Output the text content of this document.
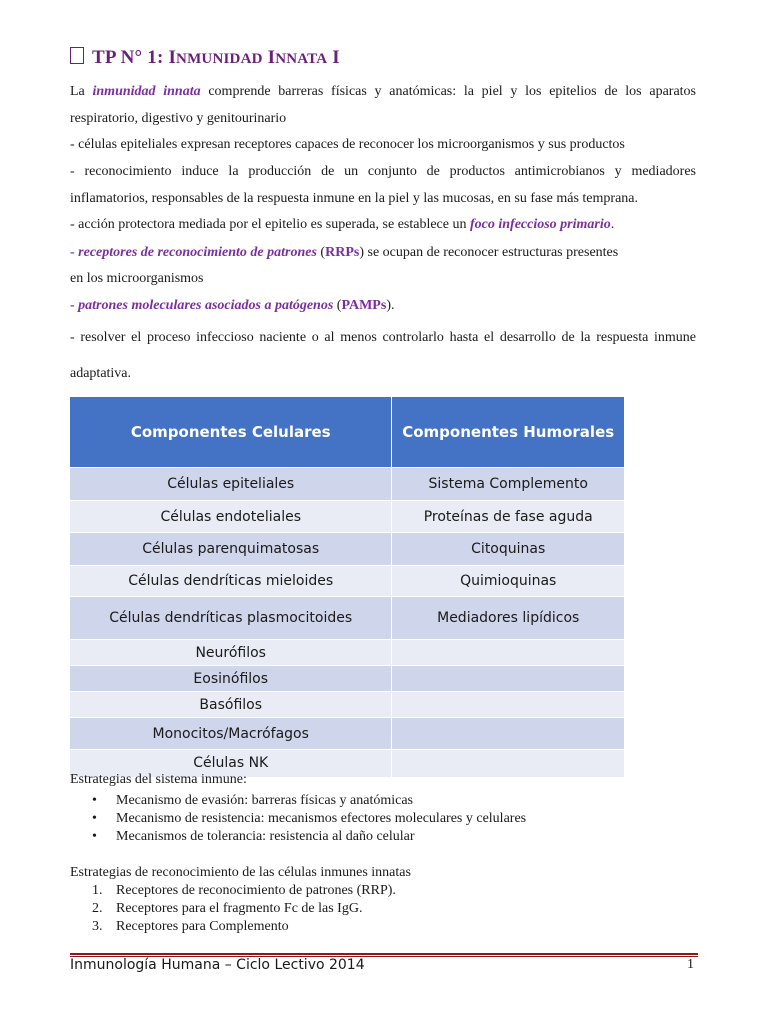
TP N° 1: INMUNIDAD INNATA I
La inmunidad innata comprende barreras físicas y anatómicas: la piel y los epitelios de los aparatos respiratorio, digestivo y genitourinario
- células epiteliales expresan receptores capaces de reconocer los microorganismos y sus productos
- reconocimiento induce la producción de un conjunto de productos antimicrobianos y mediadores inflamatorios, responsables de la respuesta inmune en la piel y las mucosas, en su fase más temprana.
- acción protectora mediada por el epitelio es superada, se establece un foco infeccioso primario.
- receptores de reconocimiento de patrones (RRPs) se ocupan de reconocer estructuras presentes
en los microorganismos
- patrones moleculares asociados a patógenos (PAMPs).
- resolver el proceso infeccioso naciente o al menos controlarlo hasta el desarrollo de la respuesta inmune adaptativa.
Componentes Celulares	Componentes Humorales
Células epiteliales	Sistema Complemento
Células endoteliales	Proteínas de fase aguda
Células parenquimatosas	Citoquinas
Células dendríticas mieloides	Quimioquinas
Células dendríticas plasmocitoides	Mediadores lipídicos
Neurófilos	
Eosinófilos	
Basófilos	
Monocitos/Macrófagos	
Células NK	
Estrategias del sistema inmune:
• Mecanismo de evasión: barreras físicas y anatómicas
• Mecanismo de resistencia: mecanismos efectores moleculares y celulares
• Mecanismos de tolerancia: resistencia al daño celular
Estrategias de reconocimiento de las células inmunes innatas
1. Receptores de reconocimiento de patrones (RRP).
2. Receptores para el fragmento Fc de las IgG.
3. Receptores para Complemento
Inmunología Humana – Ciclo Lectivo 2014	1
